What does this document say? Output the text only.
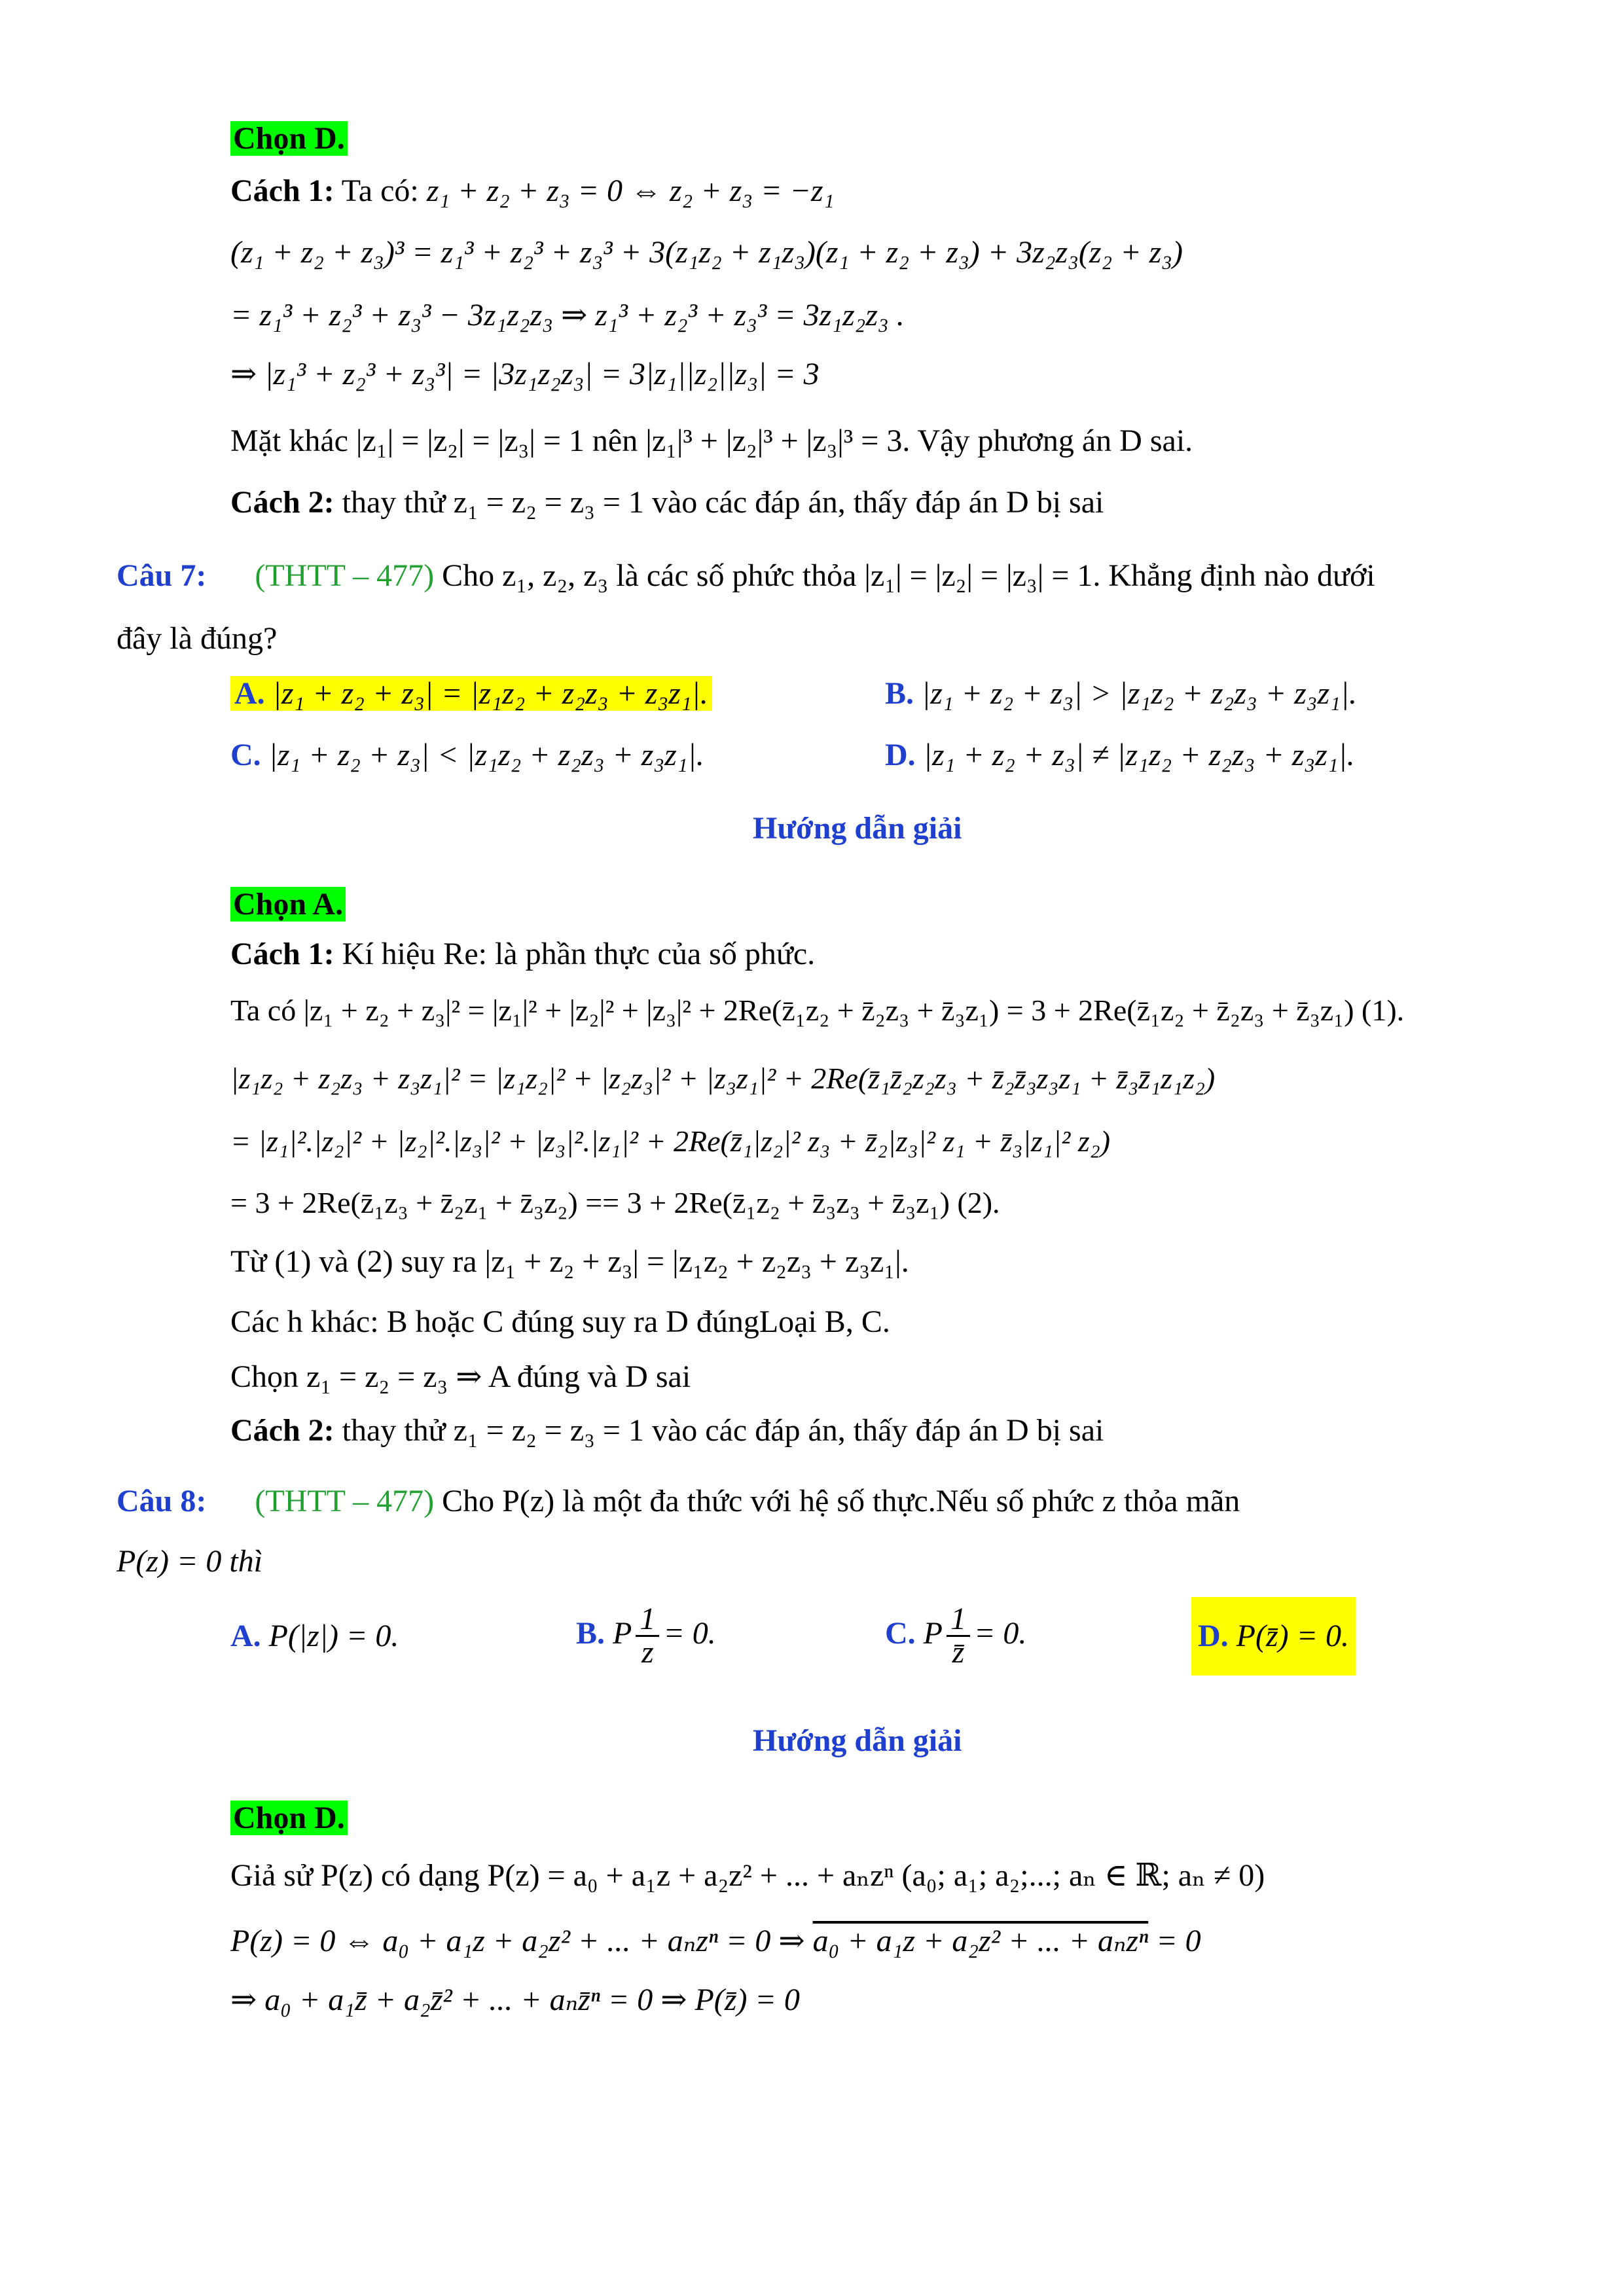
Chọn D.
Cách 1: Ta có: z₁ + z₂ + z₃ = 0 ⇔ z₂ + z₃ = −z₁
(z₁ + z₂ + z₃)³ = z₁³ + z₂³ + z₃³ + 3(z₁z₂ + z₁z₃)(z₁ + z₂ + z₃) + 3z₂z₃(z₂ + z₃)
= z₁³ + z₂³ + z₃³ − 3z₁z₂z₃ ⇒ z₁³ + z₂³ + z₃³ = 3z₁z₂z₃ .
⇒ |z₁³ + z₂³ + z₃³| = |3z₁z₂z₃| = 3|z₁||z₂||z₃| = 3
Mặt khác |z₁| = |z₂| = |z₃| = 1 nên |z₁|³ + |z₂|³ + |z₃|³ = 3. Vậy phương án D sai.
Cách 2: thay thử z₁ = z₂ = z₃ = 1 vào các đáp án, thấy đáp án D bị sai
Câu 7: (THTT – 477) Cho z₁, z₂, z₃ là các số phức thỏa |z₁| = |z₂| = |z₃| = 1. Khẳng định nào dưới
đây là đúng?
A. |z₁ + z₂ + z₃| = |z₁z₂ + z₂z₃ + z₃z₁|.	B. |z₁ + z₂ + z₃| > |z₁z₂ + z₂z₃ + z₃z₁|.
C. |z₁ + z₂ + z₃| < |z₁z₂ + z₂z₃ + z₃z₁|.	D. |z₁ + z₂ + z₃| ≠ |z₁z₂ + z₂z₃ + z₃z₁|.
Hướng dẫn giải
Chọn A.
Cách 1: Kí hiệu Re: là phần thực của số phức.
Ta có |z₁ + z₂ + z₃|² = |z₁|² + |z₂|² + |z₃|² + 2Re(z̄₁z₂ + z̄₂z₃ + z̄₃z₁) = 3 + 2Re(z̄₁z₂ + z̄₂z₃ + z̄₃z₁) (1).
|z₁z₂ + z₂z₃ + z₃z₁|² = |z₁z₂|² + |z₂z₃|² + |z₃z₁|² + 2Re(z̄₁z̄₂z₂z₃ + z̄₂z̄₃z₃z₁ + z̄₃z̄₁z₁z₂)
= |z₁|².|z₂|² + |z₂|².|z₃|² + |z₃|².|z₁|² + 2Re(z̄₁|z₂|² z₃ + z̄₂|z₃|² z₁ + z̄₃|z₁|² z₂)
= 3 + 2Re(z̄₁z₃ + z̄₂z₁ + z̄₃z₂) == 3 + 2Re(z̄₁z₂ + z̄₃z₃ + z̄₃z₁) (2).
Từ (1) và (2) suy ra |z₁ + z₂ + z₃| = |z₁z₂ + z₂z₃ + z₃z₁|.
Các h khác: B hoặc C đúng suy ra D đúngLoại B, C.
Chọn z₁ = z₂ = z₃ ⇒ A đúng và D sai
Cách 2: thay thử z₁ = z₂ = z₃ = 1 vào các đáp án, thấy đáp án D bị sai
Câu 8: (THTT – 477) Cho P(z) là một đa thức với hệ số thực.Nếu số phức z thỏa mãn
P(z) = 0 thì
A. P(|z|) = 0.	B. P $\frac{1}{z} = 0$.	C. P $\frac{1}{z̄} = 0$.	D. P(z̄) = 0.
Hướng dẫn giải
Chọn D.
Giả sử P(z) có dạng P(z) = a₀ + a₁z + a₂z² + ... + aₙzⁿ (a₀; a₁; a₂;...; aₙ ∈ ℝ; aₙ ≠ 0)
P(z) = 0 ⇔ a₀ + a₁z + a₂z² + ... + aₙzⁿ = 0 ⇒ a₀ + a₁z + a₂z² + ... + aₙzⁿ = 0
⇒ a₀ + a₁z̄ + a₂z̄² + ... + aₙz̄ⁿ = 0 ⇒ P(z̄) = 0
